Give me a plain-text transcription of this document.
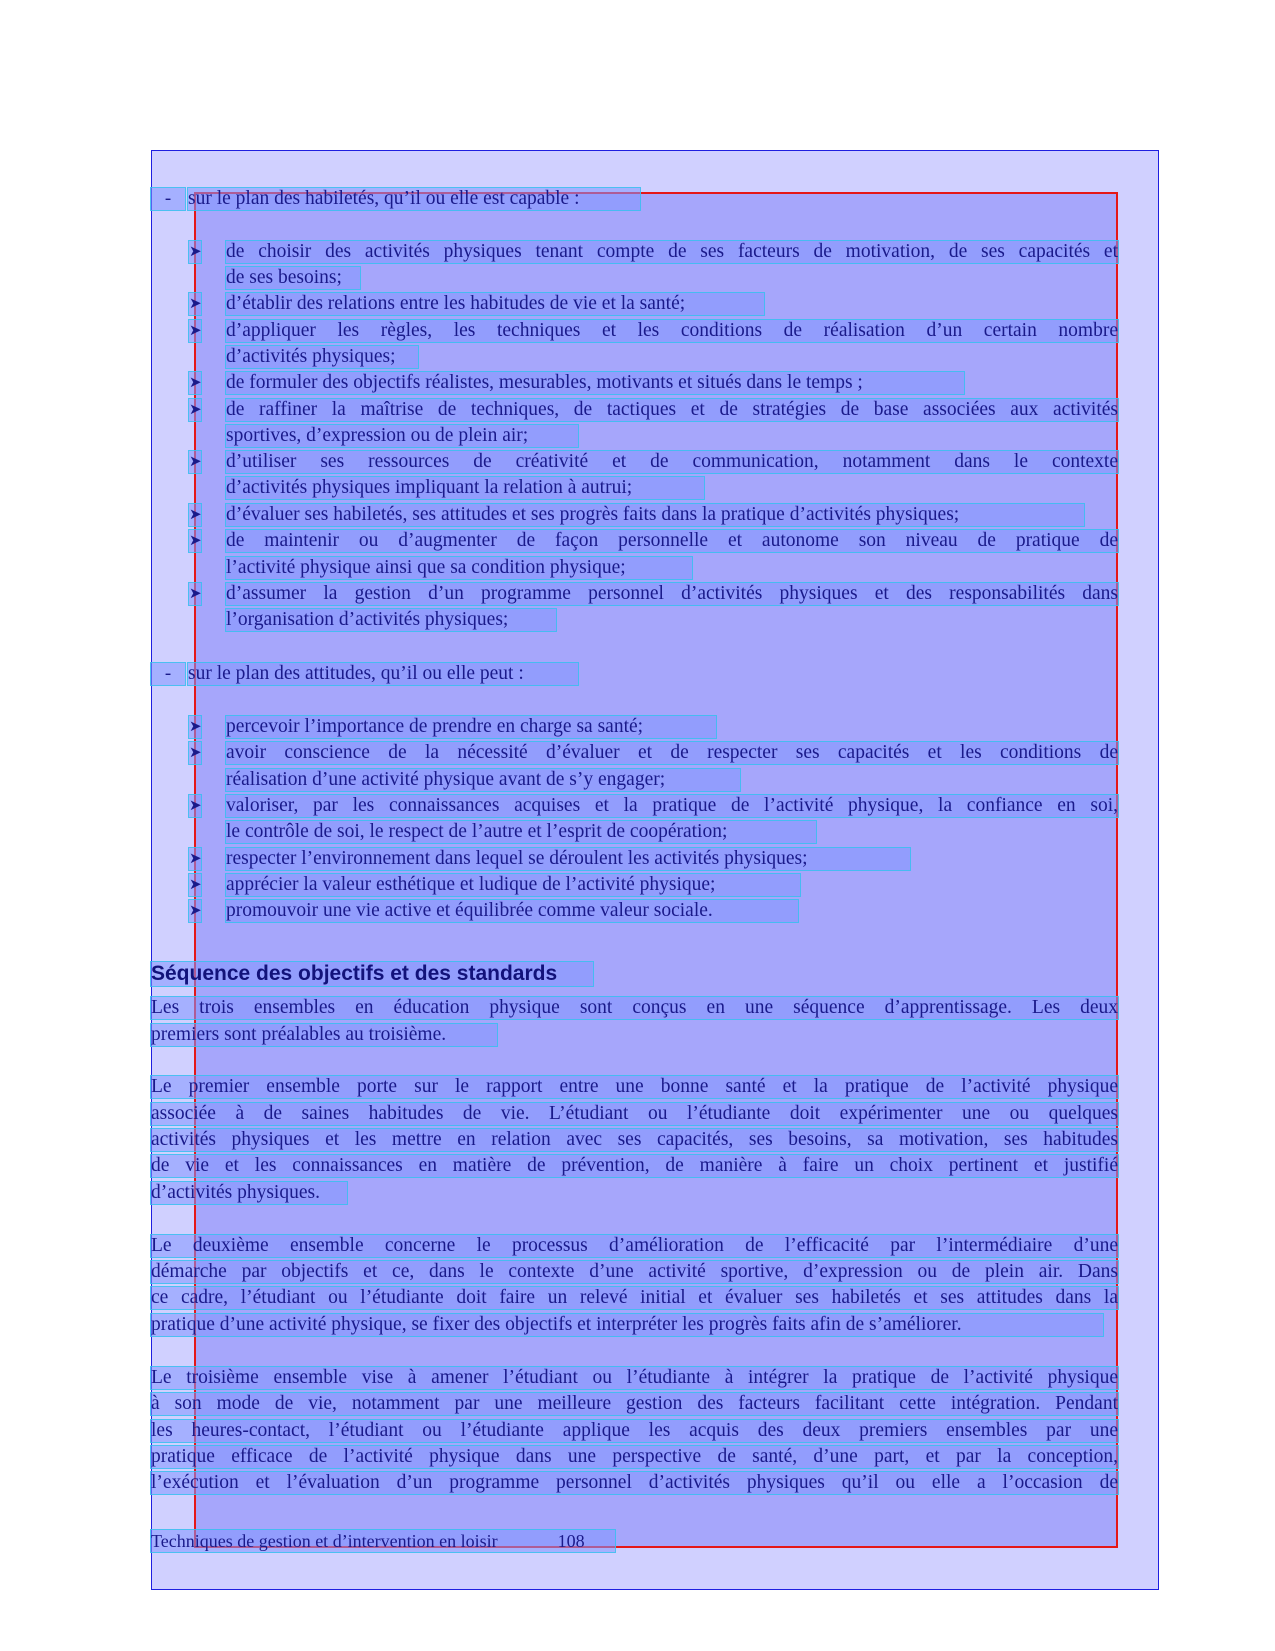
- sur le plan des habiletés, qu’il ou elle est capable :
➤ de choisir des activités physiques tenant compte de ses facteurs de motivation, de ses capacités et
de ses besoins;
➤ d’établir des relations entre les habitudes de vie et la santé;
➤ d’appliquer les règles, les techniques et les conditions de réalisation d’un certain nombre
d’activités physiques;
➤ de formuler des objectifs réalistes, mesurables, motivants et situés dans le temps ;
➤ de raffiner la maîtrise de techniques, de tactiques et de stratégies de base associées aux activités
sportives, d’expression ou de plein air;
➤ d’utiliser ses ressources de créativité et de communication, notamment dans le contexte
d’activités physiques impliquant la relation à autrui;
➤ d’évaluer ses habiletés, ses attitudes et ses progrès faits dans la pratique d’activités physiques;
➤ de maintenir ou d’augmenter de façon personnelle et autonome son niveau de pratique de
l’activité physique ainsi que sa condition physique;
➤ d’assumer la gestion d’un programme personnel d’activités physiques et des responsabilités dans
l’organisation d’activités physiques;
- sur le plan des attitudes, qu’il ou elle peut :
➤ percevoir l’importance de prendre en charge sa santé;
➤ avoir conscience de la nécessité d’évaluer et de respecter ses capacités et les conditions de
réalisation d’une activité physique avant de s’y engager;
➤ valoriser, par les connaissances acquises et la pratique de l’activité physique, la confiance en soi,
le contrôle de soi, le respect de l’autre et l’esprit de coopération;
➤ respecter l’environnement dans lequel se déroulent les activités physiques;
➤ apprécier la valeur esthétique et ludique de l’activité physique;
➤ promouvoir une vie active et équilibrée comme valeur sociale.
Séquence des objectifs et des standards
Les trois ensembles en éducation physique sont conçus en une séquence d’apprentissage. Les deux
premiers sont préalables au troisième.
Le premier ensemble porte sur le rapport entre une bonne santé et la pratique de l’activité physique
associée à de saines habitudes de vie. L’étudiant ou l’étudiante doit expérimenter une ou quelques
activités physiques et les mettre en relation avec ses capacités, ses besoins, sa motivation, ses habitudes
de vie et les connaissances en matière de prévention, de manière à faire un choix pertinent et justifié
d’activités physiques.
Le deuxième ensemble concerne le processus d’amélioration de l’efficacité par l’intermédiaire d’une
démarche par objectifs et ce, dans le contexte d’une activité sportive, d’expression ou de plein air. Dans
ce cadre, l’étudiant ou l’étudiante doit faire un relevé initial et évaluer ses habiletés et ses attitudes dans la
pratique d’une activité physique, se fixer des objectifs et interpréter les progrès faits afin de s’améliorer.
Le troisième ensemble vise à amener l’étudiant ou l’étudiante à intégrer la pratique de l’activité physique
à son mode de vie, notamment par une meilleure gestion des facteurs facilitant cette intégration. Pendant
les heures-contact, l’étudiant ou l’étudiante applique les acquis des deux premiers ensembles par une
pratique efficace de l’activité physique dans une perspective de santé, d’une part, et par la conception,
l’exécution et l’évaluation d’un programme personnel d’activités physiques qu’il ou elle a l’occasion de
Techniques de gestion et d’intervention en loisir	108
